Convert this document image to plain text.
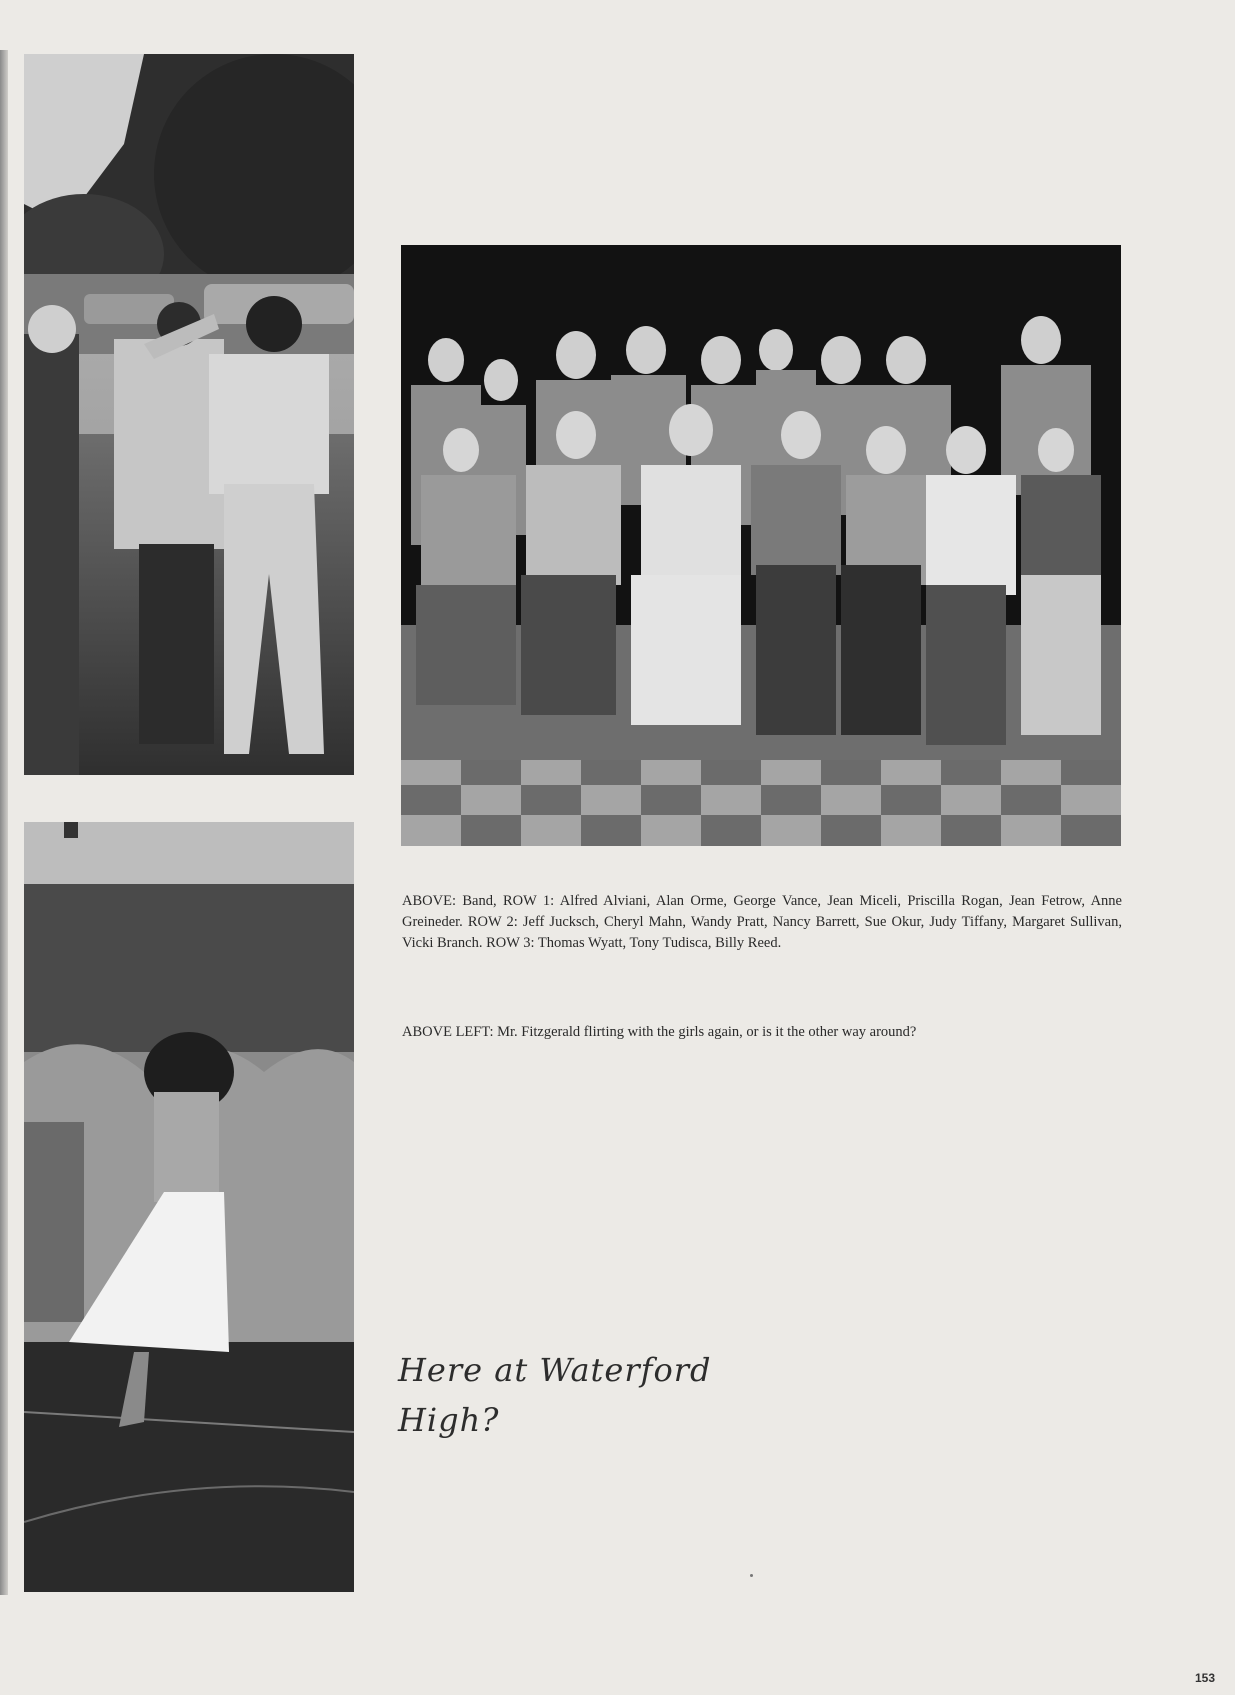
ABOVE: Band, ROW 1: Alfred Alviani, Alan Orme, George Vance, Jean Miceli, Priscilla Rogan, Jean Fetrow, Anne Greineder. ROW 2: Jeff Jucksch, Cheryl Mahn, Wandy Pratt, Nancy Barrett, Sue Okur, Judy Tiffany, Margaret Sullivan, Vicki Branch. ROW 3: Thomas Wyatt, Tony Tudisca, Billy Reed.

ABOVE LEFT: Mr. Fitzgerald flirting with the girls again, or is it the other way around?

Here at Waterford
High?
153
